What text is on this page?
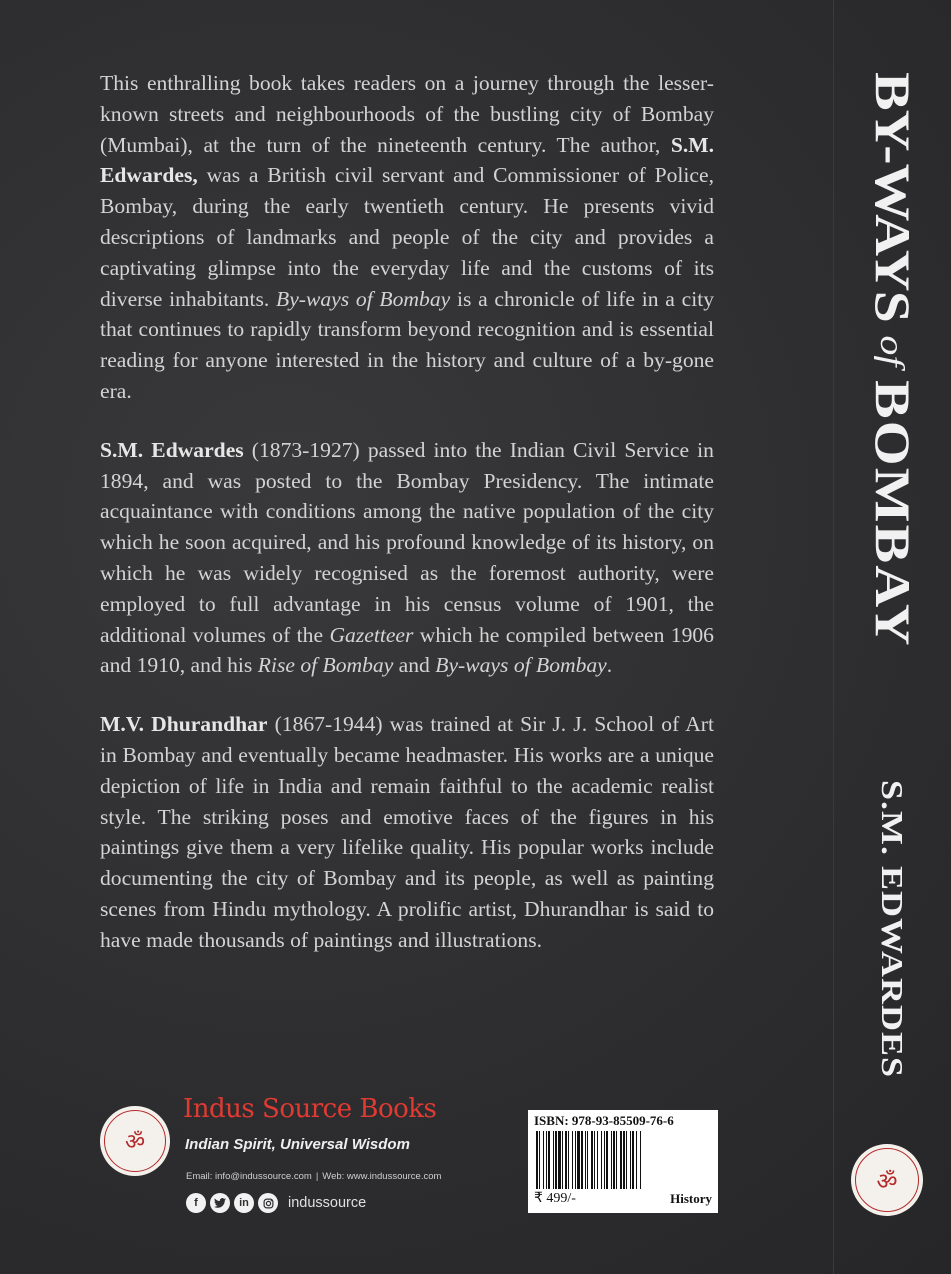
This enthralling book takes readers on a journey through the lesser-known streets and neighbourhoods of the bustling city of Bombay (Mumbai), at the turn of the nineteenth century. The author, S.M. Edwardes, was a British civil servant and Commissioner of Police, Bombay, during the early twentieth century. He presents vivid descriptions of landmarks and people of the city and provides a captivating glimpse into the everyday life and the customs of its diverse inhabitants. By-ways of Bombay is a chronicle of life in a city that continues to rapidly transform beyond recognition and is essential reading for anyone interested in the history and culture of a by-gone era.

S.M. Edwardes (1873-1927) passed into the Indian Civil Service in 1894, and was posted to the Bombay Presidency. The intimate acquaintance with conditions among the native population of the city which he soon acquired, and his profound knowledge of its history, on which he was widely recognised as the foremost authority, were employed to full advantage in his census volume of 1901, the additional volumes of the Gazetteer which he compiled between 1906 and 1910, and his Rise of Bombay and By-ways of Bombay.

M.V. Dhurandhar (1867-1944) was trained at Sir J. J. School of Art in Bombay and eventually became headmaster. His works are a unique depiction of life in India and remain faithful to the academic realist style. The striking poses and emotive faces of the figures in his paintings give them a very lifelike quality. His popular works include documenting the city of Bombay and its people, as well as painting scenes from Hindu mythology. A prolific artist, Dhurandhar is said to have made thousands of paintings and illustrations.

ॐ
Indus Source Books
Indian Spirit, Universal Wisdom
Email: info@indussource.com | Web: www.indussource.com
f	in	indussource
ISBN: 978-93-85509-76-6
₹ 499/-	History
BY-WAYS of BOMBAY
S.M. EDWARDES
ॐ
